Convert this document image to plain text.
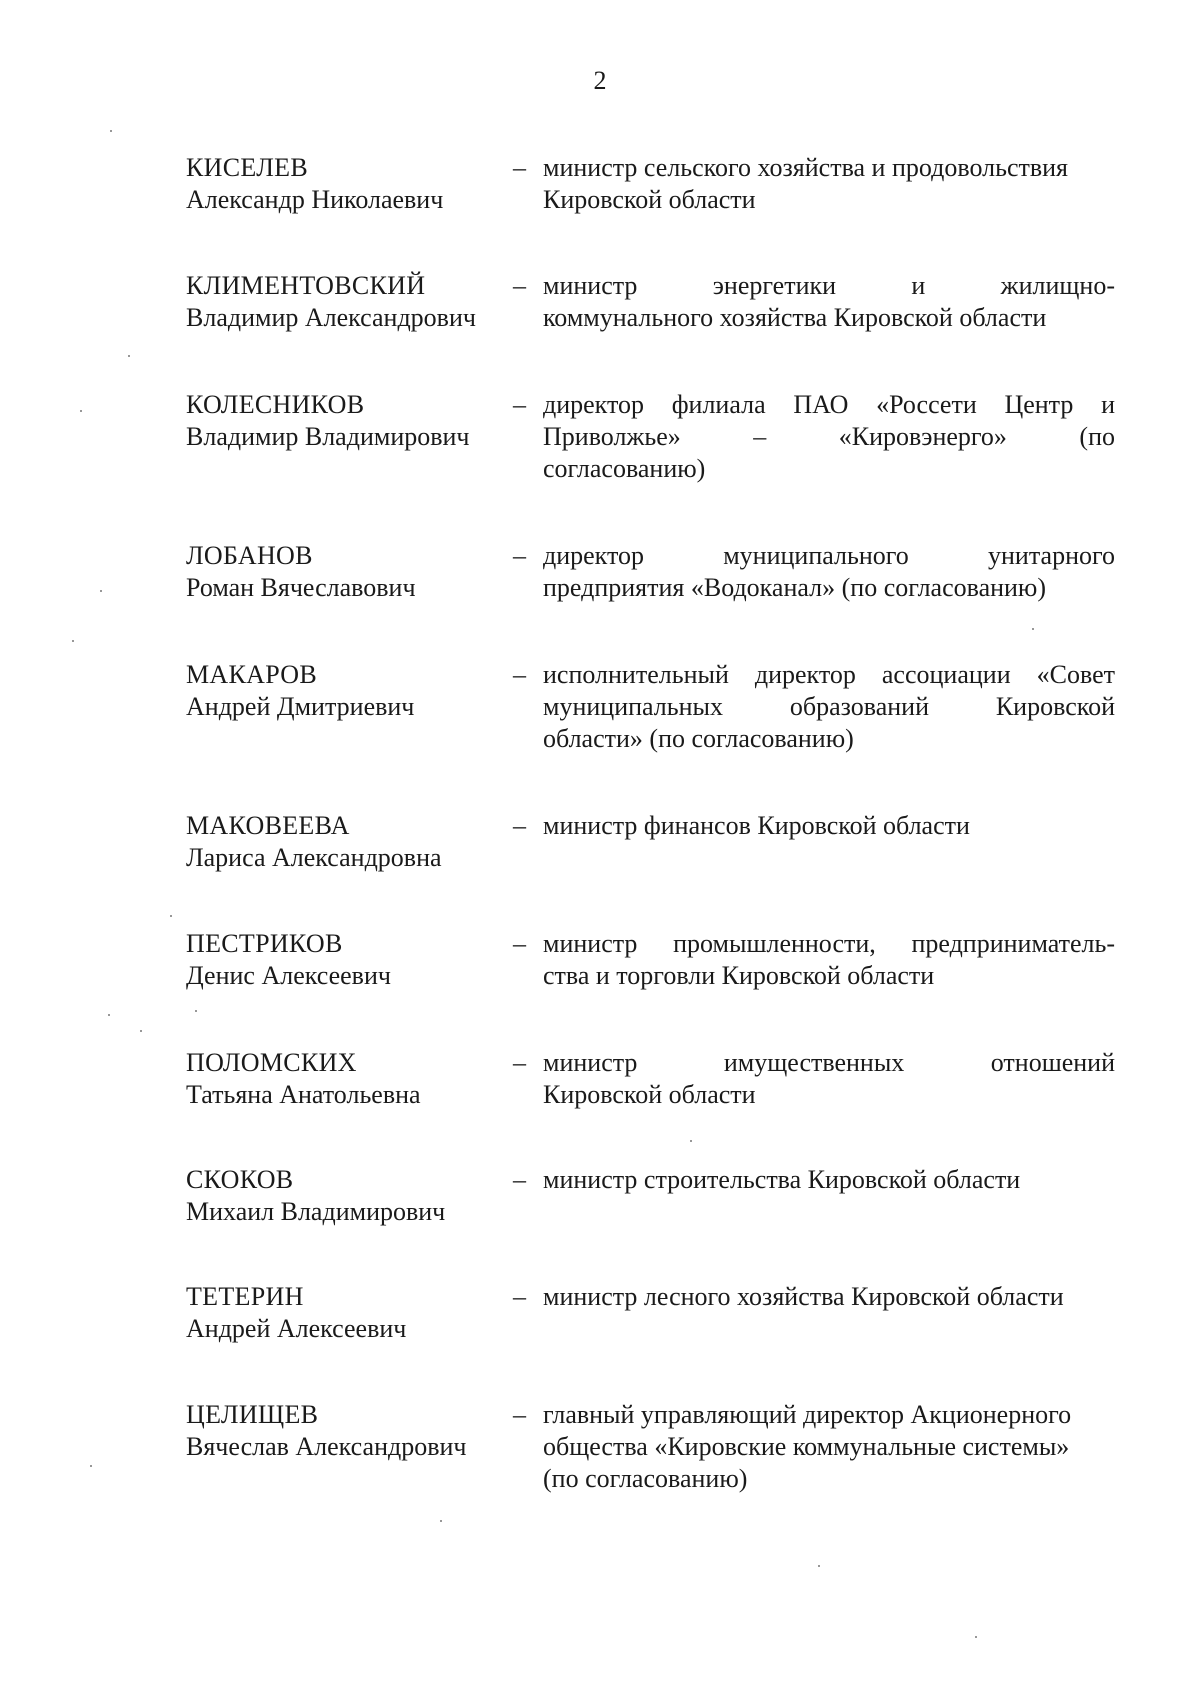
2
КИСЕЛЕВ
Александр Николаевич
– министр сельского хозяйства и продовольствия
Кировской области
КЛИМЕНТОВСКИЙ
Владимир Александрович
– министр энергетики и жилищно-
коммунального хозяйства Кировской области
КОЛЕСНИКОВ
Владимир Владимирович
– директор филиала ПАО «Россети Центр и
Приволжье» – «Кировэнерго» (по
согласованию)
ЛОБАНОВ
Роман Вячеславович
– директор муниципального унитарного
предприятия «Водоканал» (по согласованию)
МАКАРОВ
Андрей Дмитриевич
– исполнительный директор ассоциации «Совет
муниципальных образований Кировской
области» (по согласованию)
МАКОВЕЕВА
Лариса Александровна
– министр финансов Кировской области
ПЕСТРИКОВ
Денис Алексеевич
– министр промышленности, предприниматель-
ства и торговли Кировской области
ПОЛОМСКИХ
Татьяна Анатольевна
– министр имущественных отношений
Кировской области
СКОКОВ
Михаил Владимирович
– министр строительства Кировской области
ТЕТЕРИН
Андрей Алексеевич
– министр лесного хозяйства Кировской области
ЦЕЛИЩЕВ
Вячеслав Александрович
– главный управляющий директор Акционерного
общества «Кировские коммунальные системы»
(по согласованию)
